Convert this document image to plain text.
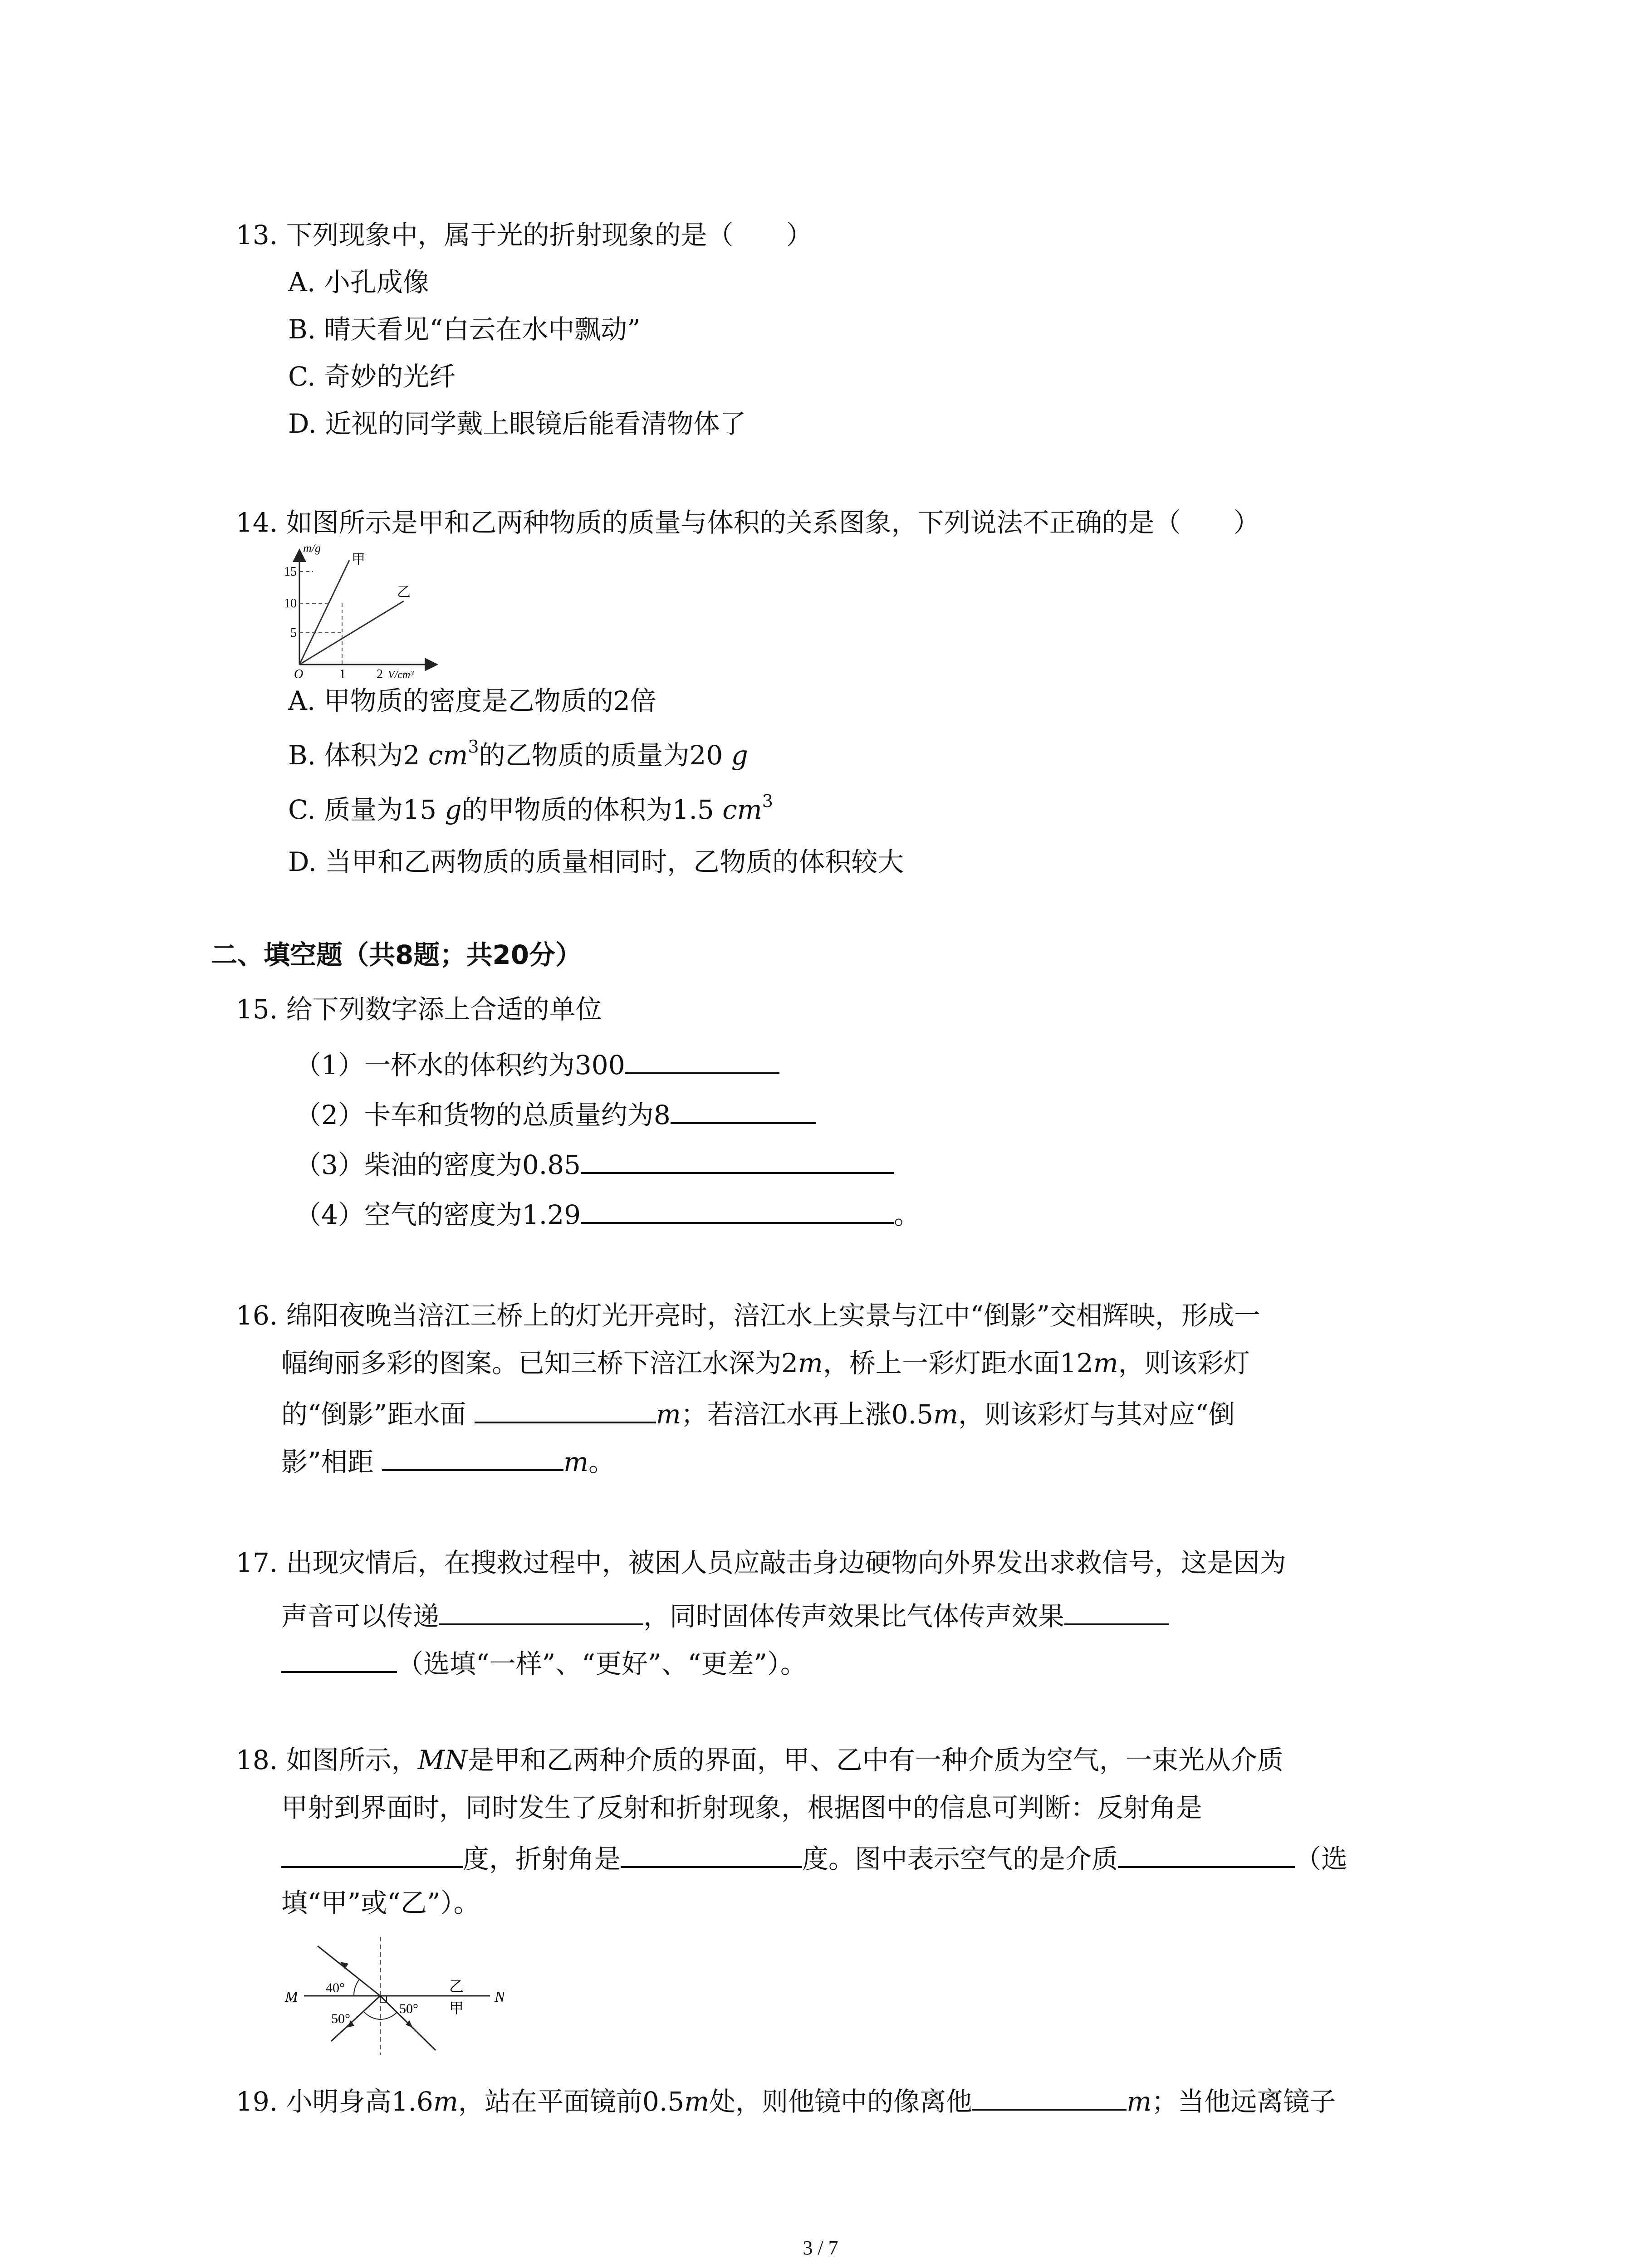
13. 下列现象中，属于光的折射现象的是（　　）
A. 小孔成像
B. 晴天看见“白云在水中飘动”
C. 奇妙的光纤
D. 近视的同学戴上眼镜后能看清物体了
14. 如图所示是甲和乙两种物质的质量与体积的关系图象，下列说法不正确的是（　　）
m/g
15
10
5
O	1 2 V/cm³
甲
乙
A. 甲物质的密度是乙物质的2倍
B. 体积为2 $cm^3$的乙物质的质量为20 g
C. 质量为15 g的甲物质的体积为1.5 $cm^3$
D. 当甲和乙两物质的质量相同时，乙物质的体积较大
二、填空题（共8题；共20分）
15. 给下列数字添上合适的单位
（1）一杯水的体积约为300
（2）卡车和货物的总质量约为8
（3）柴油的密度为0.85
（4）空气的密度为1.29	。
16. 绵阳夜晚当涪江三桥上的灯光开亮时，涪江水上实景与江中“倒影”交相辉映，形成一
幅绚丽多彩的图案。已知三桥下涪江水深为2m，桥上一彩灯距水面12m，则该彩灯
的“倒影”距水面	m；若涪江水再上涨0.5m，则该彩灯与其对应“倒
影”相距	m。
17. 出现灾情后，在搜救过程中，被困人员应敲击身边硬物向外界发出求救信号，这是因为
声音可以传递	，同时固体传声效果比气体传声效果
（选填“一样”、“更好”、“更差”）。
18. 如图所示，MN是甲和乙两种介质的界面，甲、乙中有一种介质为空气，一束光从介质
甲射到界面时，同时发生了反射和折射现象，根据图中的信息可判断：反射角是
度，折射角是	度。图中表示空气的是介质	（选
填“甲”或“乙”）。
M	N
40°
50°
50°
乙
甲
19. 小明身高1.6m，站在平面镜前0.5m处，则他镜中的像离他	m；当他远离镜子
3 / 7
